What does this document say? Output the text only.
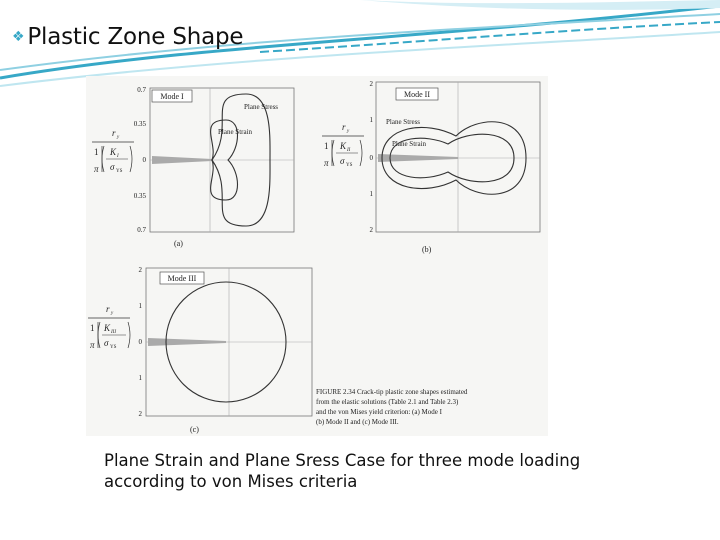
❖ Plastic Zone Shape
0.7
0.35
0
0.35
0.7
Mode I
Plane Stress
Plane Strain
(a)
r y
1
π
K I
σ YS
2
1
0
1
2
Mode II
Plane Stress
Plane Strain
(b)
r y
1
π
K II
σ YS
2
1
0
1
2
Mode III
(c)
r y
1
π
K III
σ YS
FIGURE 2.34 Crack-tip plastic zone shapes estimated
from the elastic solutions (Table 2.1 and Table 2.3)
and the von Mises yield criterion: (a) Mode I
(b) Mode II and (c) Mode III.
Plane Strain and Plane Sress Case for three mode loading according to von Mises criteria
